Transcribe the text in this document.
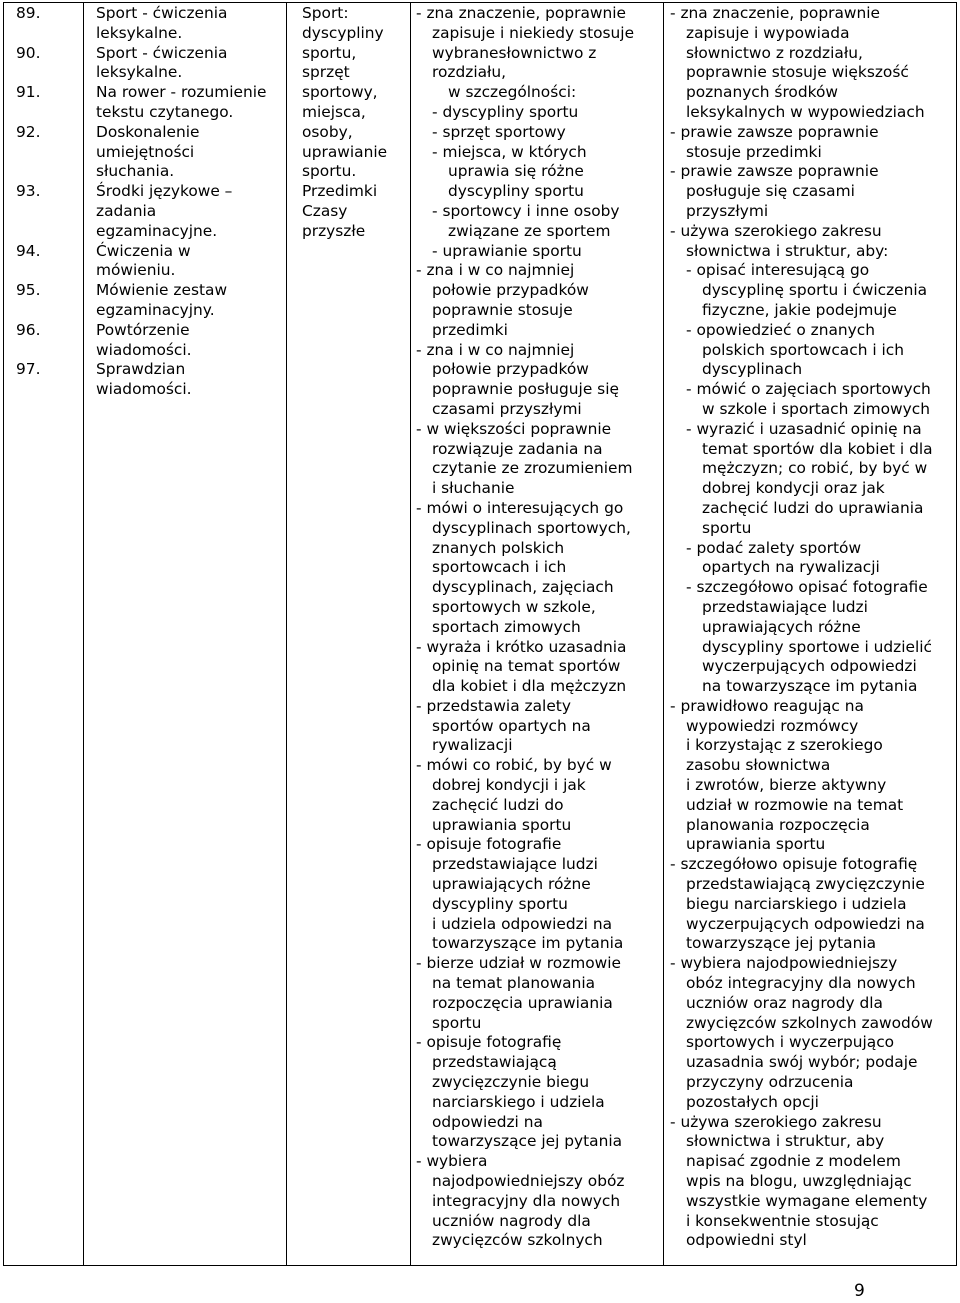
89.
90.
91.
92.
93.
94.
95.
96.
97.
Sport - ćwiczenia
leksykalne.
Sport - ćwiczenia
leksykalne.
Na rower - rozumienie
tekstu czytanego.
Doskonalenie
umiejętności
słuchania.
Środki językowe –
zadania
egzaminacyjne.
Ćwiczenia w
mówieniu.
Mówienie zestaw
egzaminacyjny.
Powtórzenie
wiadomości.
Sprawdzian
wiadomości.
Sport:
dyscypliny
sportu,
sprzęt
sportowy,
miejsca,
osoby,
uprawianie
sportu.
Przedimki
Czasy
przyszłe
- zna znaczenie, poprawnie
zapisuje i niekiedy stosuje
wybranesłownictwo z
rozdziału,
w szczególności:
- dyscypliny sportu
- sprzęt sportowy
- miejsca, w których
uprawia się różne
dyscypliny sportu
- sportowcy i inne osoby
związane ze sportem
- uprawianie sportu
- zna i w co najmniej
połowie przypadków
poprawnie stosuje
przedimki
- zna i w co najmniej
połowie przypadków
poprawnie posługuje się
czasami przyszłymi
- w większości poprawnie
rozwiązuje zadania na
czytanie ze zrozumieniem
i słuchanie
- mówi o interesujących go
dyscyplinach sportowych,
znanych polskich
sportowcach i ich
dyscyplinach, zajęciach
sportowych w szkole,
sportach zimowych
- wyraża i krótko uzasadnia
opinię na temat sportów
dla kobiet i dla mężczyzn
- przedstawia zalety
sportów opartych na
rywalizacji
- mówi co robić, by być w
dobrej kondycji i jak
zachęcić ludzi do
uprawiania sportu
- opisuje fotografie
przedstawiające ludzi
uprawiających różne
dyscypliny sportu
i udziela odpowiedzi na
towarzyszące im pytania
- bierze udział w rozmowie
na temat planowania
rozpoczęcia uprawiania
sportu
- opisuje fotografię
przedstawiającą
zwycięzczynie biegu
narciarskiego i udziela
odpowiedzi na
towarzyszące jej pytania
- wybiera
najodpowiedniejszy obóz
integracyjny dla nowych
uczniów nagrody dla
zwycięzców szkolnych
- zna znaczenie, poprawnie
zapisuje i wypowiada
słownictwo z rozdziału,
poprawnie stosuje większość
poznanych środków
leksykalnych w wypowiedziach
- prawie zawsze poprawnie
stosuje przedimki
- prawie zawsze poprawnie
posługuje się czasami
przyszłymi
- używa szerokiego zakresu
słownictwa i struktur, aby:
- opisać interesującą go
dyscyplinę sportu i ćwiczenia
fizyczne, jakie podejmuje
- opowiedzieć o znanych
polskich sportowcach i ich
dyscyplinach
- mówić o zajęciach sportowych
w szkole i sportach zimowych
- wyrazić i uzasadnić opinię na
temat sportów dla kobiet i dla
mężczyzn; co robić, by być w
dobrej kondycji oraz jak
zachęcić ludzi do uprawiania
sportu
- podać zalety sportów
opartych na rywalizacji
- szczegółowo opisać fotografie
przedstawiające ludzi
uprawiających różne
dyscypliny sportowe i udzielić
wyczerpujących odpowiedzi
na towarzyszące im pytania
- prawidłowo reagując na
wypowiedzi rozmówcy
i korzystając z szerokiego
zasobu słownictwa
i zwrotów, bierze aktywny
udział w rozmowie na temat
planowania rozpoczęcia
uprawiania sportu
- szczegółowo opisuje fotografię
przedstawiającą zwycięzczynie
biegu narciarskiego i udziela
wyczerpujących odpowiedzi na
towarzyszące jej pytania
- wybiera najodpowiedniejszy
obóz integracyjny dla nowych
uczniów oraz nagrody dla
zwycięzców szkolnych zawodów
sportowych i wyczerpująco
uzasadnia swój wybór; podaje
przyczyny odrzucenia
pozostałych opcji
- używa szerokiego zakresu
słownictwa i struktur, aby
napisać zgodnie z modelem
wpis na blogu, uwzględniając
wszystkie wymagane elementy
i konsekwentnie stosując
odpowiedni styl
9
